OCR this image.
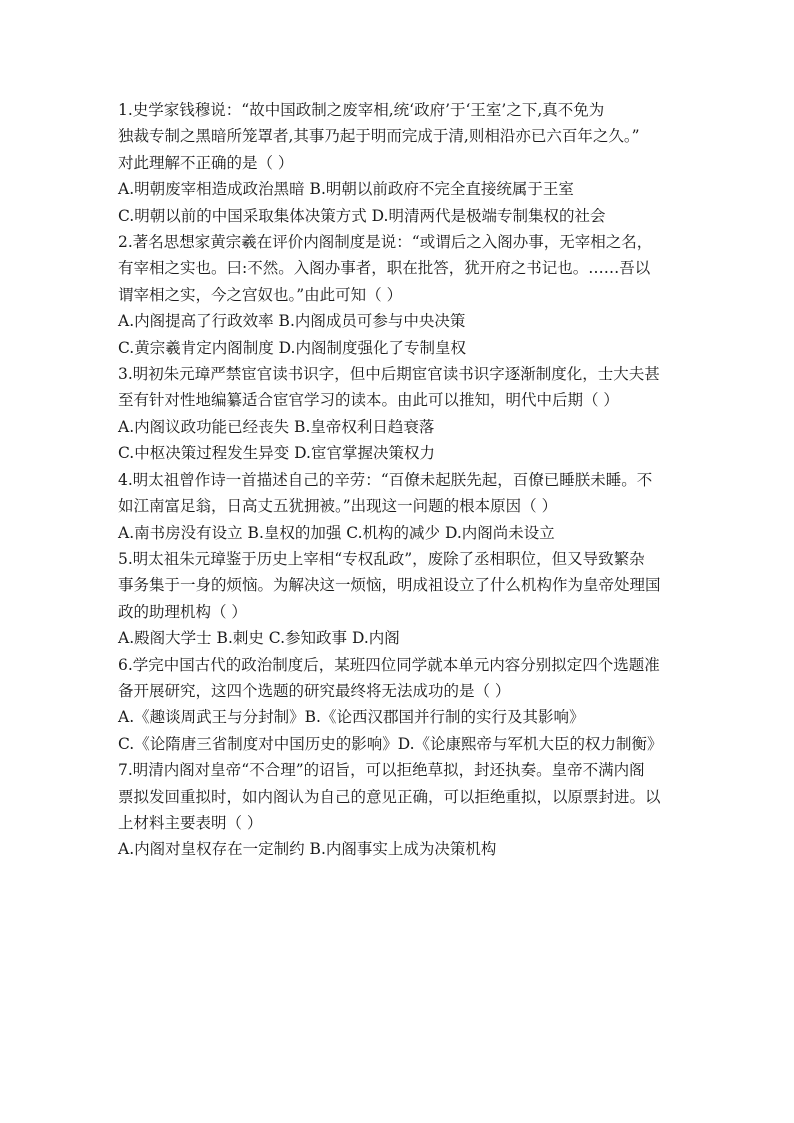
1.史学家钱穆说：“故中国政制之废宰相,统‘政府’于‘王室’之下,真不免为
独裁专制之黑暗所笼罩者,其事乃起于明而完成于清,则相沿亦已六百年之久。”
对此理解不正确的是（ ）
A.明朝废宰相造成政治黑暗 B.明朝以前政府不完全直接统属于王室
C.明朝以前的中国采取集体决策方式 D.明清两代是极端专制集权的社会
2.著名思想家黄宗羲在评价内阁制度是说：“或谓后之入阁办事，无宰相之名，
有宰相之实也。曰:不然。入阁办事者，职在批答，犹开府之书记也。……吾以
谓宰相之实，今之宫奴也。”由此可知（ ）
A.内阁提高了行政效率 B.内阁成员可参与中央决策
C.黄宗羲肯定内阁制度 D.内阁制度强化了专制皇权
3.明初朱元璋严禁宦官读书识字，但中后期宦官读书识字逐渐制度化，士大夫甚
至有针对性地编纂适合宦官学习的读本。由此可以推知，明代中后期（ ）
A.内阁议政功能已经丧失 B.皇帝权利日趋衰落
C.中枢决策过程发生异变 D.宦官掌握决策权力
4.明太祖曾作诗一首描述自己的辛劳：“百僚未起朕先起，百僚已睡朕未睡。不
如江南富足翁，日高丈五犹拥被。”出现这一问题的根本原因（ ）
A.南书房没有设立 B.皇权的加强 C.机构的减少 D.内阁尚未设立
5.明太祖朱元璋鉴于历史上宰相“专权乱政”，废除了丞相职位，但又导致繁杂
事务集于一身的烦恼。为解决这一烦恼，明成祖设立了什么机构作为皇帝处理国
政的助理机构（ ）
A.殿阁大学士 B.刺史 C.参知政事 D.内阁
6.学完中国古代的政治制度后，某班四位同学就本单元内容分别拟定四个选题准
备开展研究，这四个选题的研究最终将无法成功的是（ ）
A.《趣谈周武王与分封制》B.《论西汉郡国并行制的实行及其影响》
C.《论隋唐三省制度对中国历史的影响》D.《论康熙帝与军机大臣的权力制衡》
7.明清内阁对皇帝“不合理”的诏旨，可以拒绝草拟，封还执奏。皇帝不满内阁
票拟发回重拟时，如内阁认为自己的意见正确，可以拒绝重拟，以原票封进。以
上材料主要表明（ ）
A.内阁对皇权存在一定制约 B.内阁事实上成为决策机构
